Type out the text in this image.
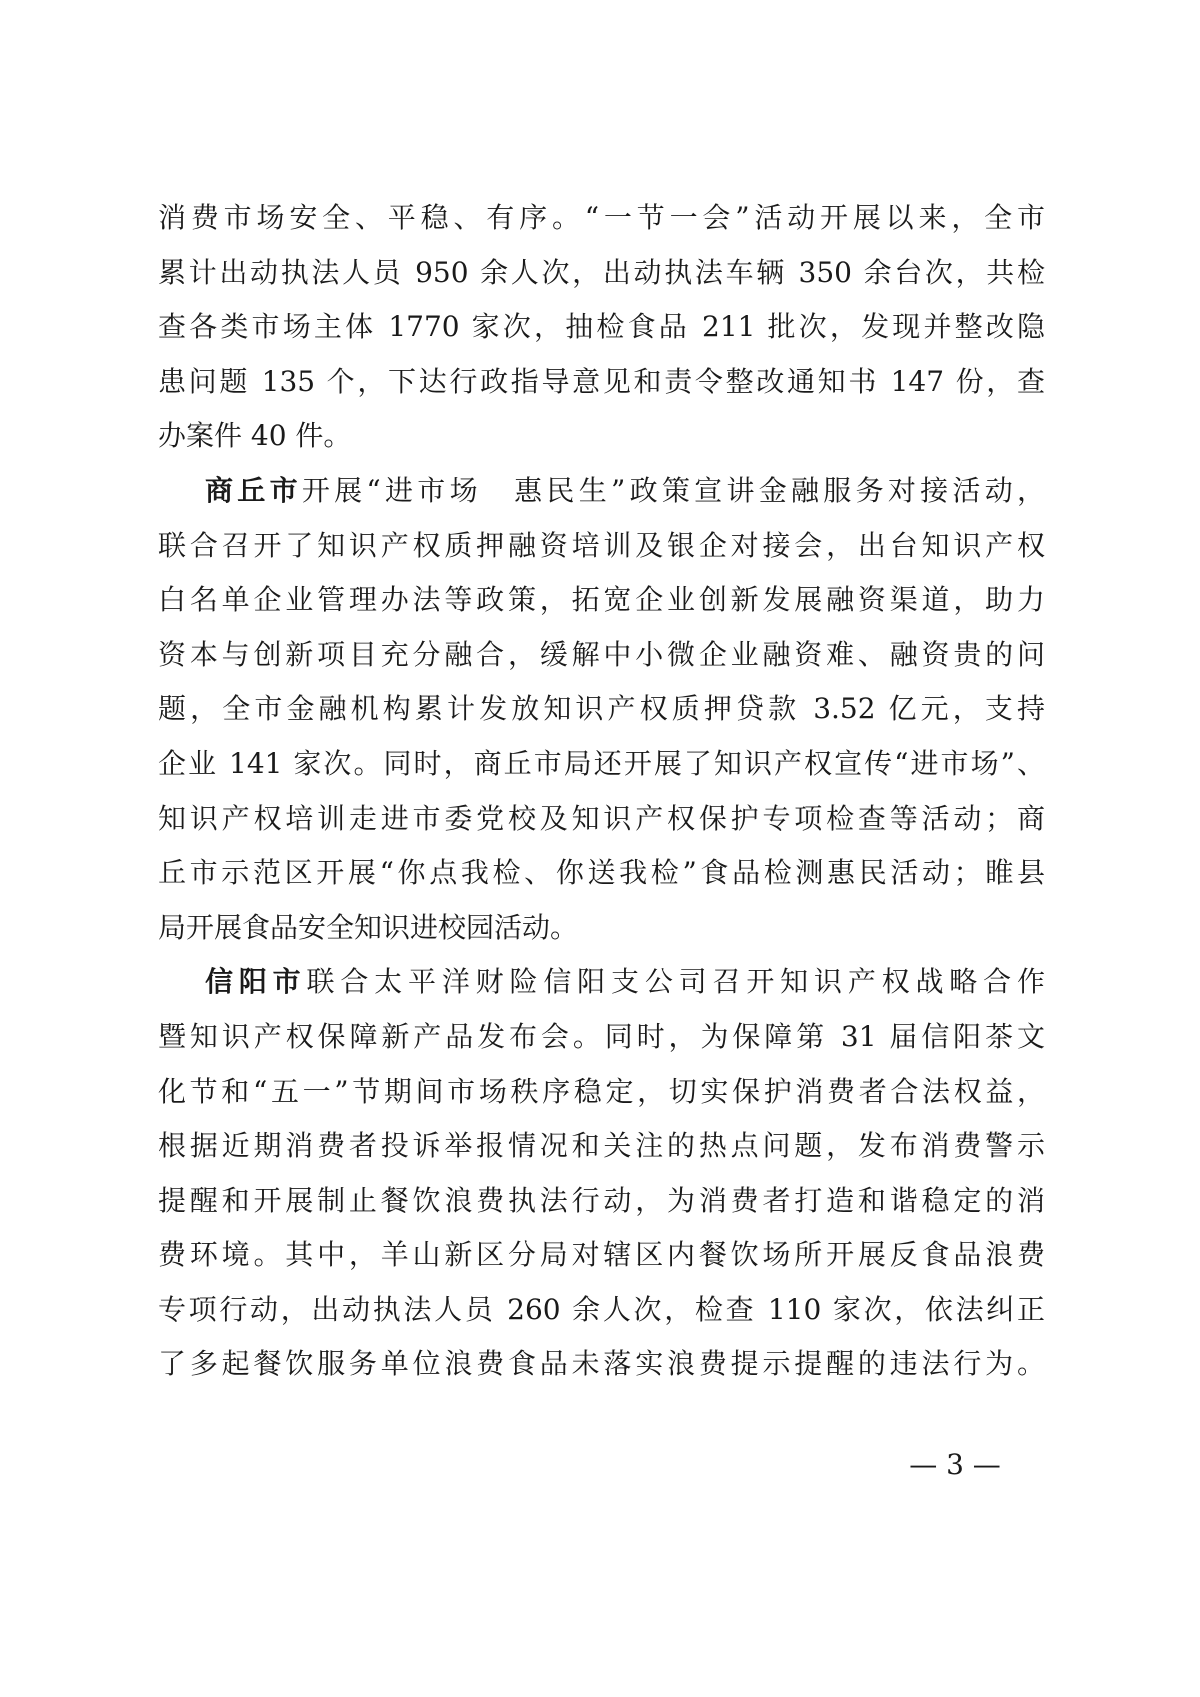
消费市场安全、平稳、有序。“一节一会”活动开展以来，全市
累计出动执法人员 950 余人次，出动执法车辆 350 余台次，共检
查各类市场主体 1770 家次，抽检食品 211 批次，发现并整改隐
患问题 135 个，下达行政指导意见和责令整改通知书 147 份，查
办案件 40 件。
商丘市开展“进市场　惠民生”政策宣讲金融服务对接活动，
联合召开了知识产权质押融资培训及银企对接会，出台知识产权
白名单企业管理办法等政策，拓宽企业创新发展融资渠道，助力
资本与创新项目充分融合，缓解中小微企业融资难、融资贵的问
题，全市金融机构累计发放知识产权质押贷款 3.52 亿元，支持
企业 141 家次。同时，商丘市局还开展了知识产权宣传“进市场”、
知识产权培训走进市委党校及知识产权保护专项检查等活动；商
丘市示范区开展“你点我检、你送我检”食品检测惠民活动；睢县
局开展食品安全知识进校园活动。
信阳市联合太平洋财险信阳支公司召开知识产权战略合作
暨知识产权保障新产品发布会。同时，为保障第 31 届信阳茶文
化节和“五一”节期间市场秩序稳定，切实保护消费者合法权益，
根据近期消费者投诉举报情况和关注的热点问题，发布消费警示
提醒和开展制止餐饮浪费执法行动，为消费者打造和谐稳定的消
费环境。其中，羊山新区分局对辖区内餐饮场所开展反食品浪费
专项行动，出动执法人员 260 余人次，检查 110 家次，依法纠正
了多起餐饮服务单位浪费食品未落实浪费提示提醒的违法行为。
— 3 —
